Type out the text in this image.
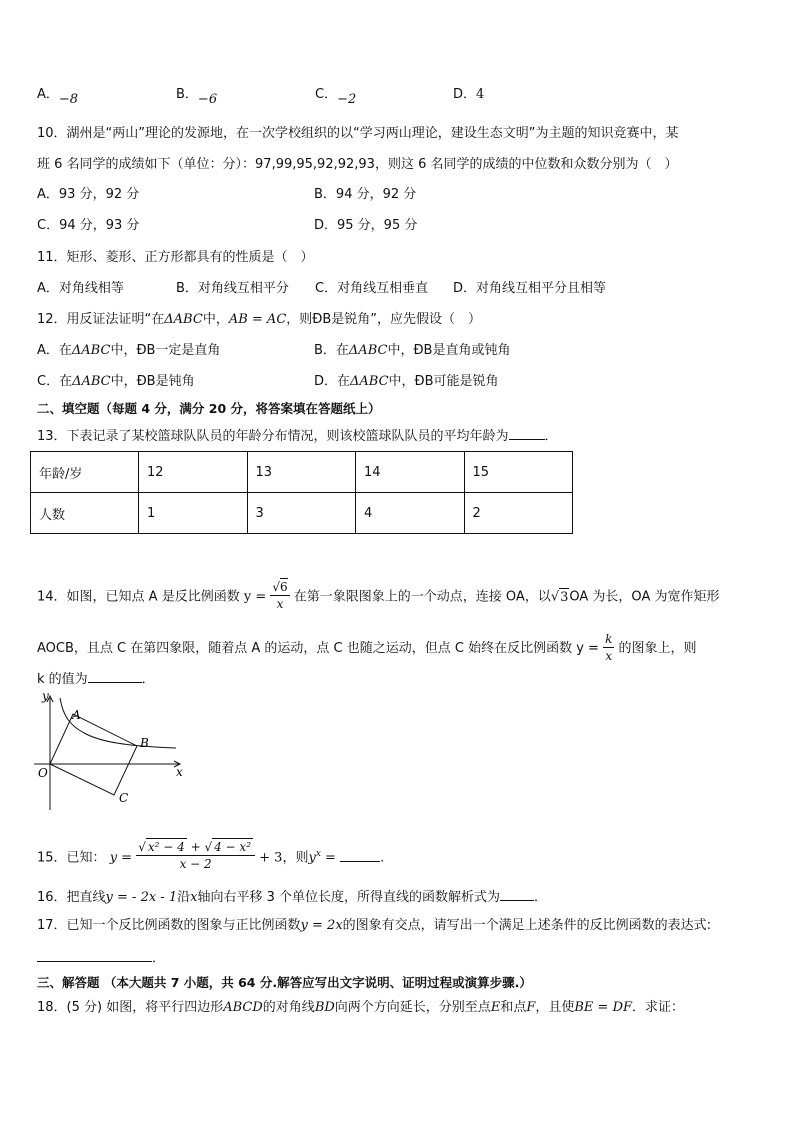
A．−8	B．−6	C．−2	D．4
10．湖州是“两山”理论的发源地，在一次学校组织的以“学习两山理论，建设生态文明”为主题的知识竞赛中，某
班 6 名同学的成绩如下（单位：分）：97,99,95,92,92,93，则这 6 名同学的成绩的中位数和众数分别为（　）
A．93 分，92 分	B．94 分，92 分
C．94 分，93 分	D．95 分，95 分
11．矩形、菱形、正方形都具有的性质是（　）
A．对角线相等	B．对角线互相平分 C．对角线互相垂直 D．对角线互相平分且相等
12．用反证法证明“在ΔABC中，AB = AC，则ÐB是锐角”，应先假设（　）
A．在ΔABC中，ÐB一定是直角	B．在ΔABC中，ÐB是直角或钝角
C．在ΔABC中，ÐB是钝角	D．在ΔABC中，ÐB可能是锐角
二、填空题（每题 4 分，满分 20 分，将答案填在答题纸上）
13．下表记录了某校篮球队队员的年龄分布情况，则该校篮球队队员的平均年龄为	．
年龄/岁	12	13	14	15
人数	1	3	4	2
14．如图，已知点 A 是反比例函数 $y = \frac{√6}{x}$ 在第一象限图象上的一个动点，连接 OA，以√3OA 为长，OA 为宽作矩形
AOCB，且点 C 在第四象限，随着点 A 的运动，点 C 也随之运动，但点 C 始终在反比例函数 $y = \frac{k}{x}$ 的图象上，则
k 的值为	．
y
x
A
B
O
C
15．已知： $y = \frac{\text{√ x² − 4 + √ 4 − x²}}{x - 2} + 3$，则$y^x$ =	.
16．把直线y = - 2x - 1沿x轴向右平移 3 个单位长度，所得直线的函数解析式为	．
17．已知一个反比例函数的图象与正比例函数y = 2x的图象有交点，请写出一个满足上述条件的反比例函数的表达式:
．
三、解答题 （本大题共 7 小题，共 64 分.解答应写出文字说明、证明过程或演算步骤.）
18．(5 分) 如图，将平行四边形ABCD的对角线BD向两个方向延长，分别至点E和点F，且使BE = DF．求证：
